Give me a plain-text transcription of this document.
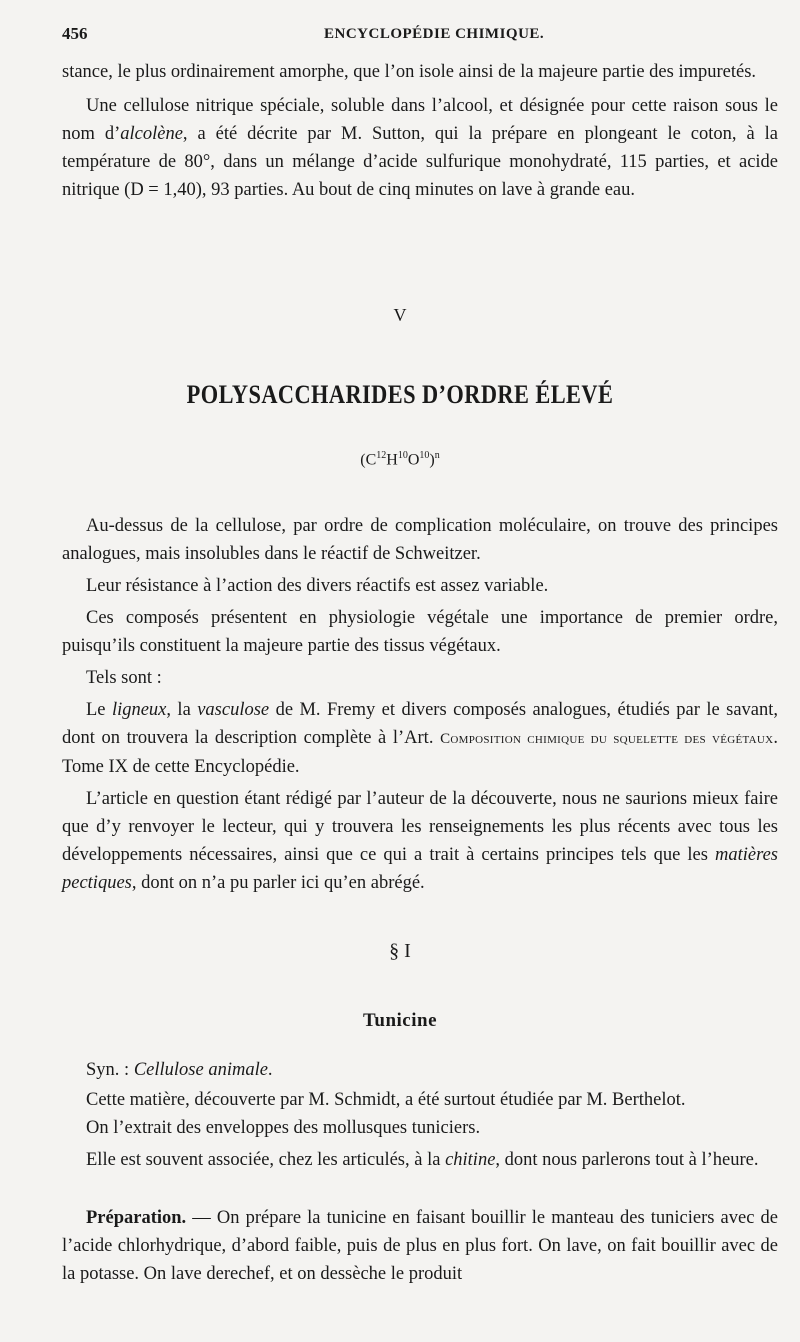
456	ENCYCLOPÉDIE CHIMIQUE.

stance, le plus ordinairement amorphe, que l’on isole ainsi de la majeure partie des impuretés.

Une cellulose nitrique spéciale, soluble dans l’alcool, et désignée pour cette raison sous le nom d’alcolène, a été décrite par M. Sutton, qui la prépare en plongeant le coton, à la température de 80°, dans un mélange d’acide sulfurique monohydraté, 115 parties, et acide nitrique (D = 1,40), 93 parties. Au bout de cinq minutes on lave à grande eau.

V
POLYSACCHARIDES D’ORDRE ÉLEVÉ
$(C^{12}H^{10}O^{10})^n$

Au-dessus de la cellulose, par ordre de complication moléculaire, on trouve des principes analogues, mais insolubles dans le réactif de Schweitzer.

Leur résistance à l’action des divers réactifs est assez variable.

Ces composés présentent en physiologie végétale une importance de premier ordre, puisqu’ils constituent la majeure partie des tissus végétaux.

Tels sont :

Le ligneux, la vasculose de M. Fremy et divers composés analogues, étudiés par le savant, dont on trouvera la description complète à l’Art. Composition chimique du squelette des végétaux. Tome IX de cette Encyclopédie.

L’article en question étant rédigé par l’auteur de la découverte, nous ne saurions mieux faire que d’y renvoyer le lecteur, qui y trouvera les renseignements les plus récents avec tous les développements nécessaires, ainsi que ce qui a trait à certains principes tels que les matières pectiques, dont on n’a pu parler ici qu’en abrégé.

§ I
Tunicine

Syn. : Cellulose animale.

Cette matière, découverte par M. Schmidt, a été surtout étudiée par M. Berthelot.

On l’extrait des enveloppes des mollusques tuniciers.

Elle est souvent associée, chez les articulés, à la chitine, dont nous parlerons tout à l’heure.

Préparation. — On prépare la tunicine en faisant bouillir le manteau des tuniciers avec de l’acide chlorhydrique, d’abord faible, puis de plus en plus fort. On lave, on fait bouillir avec de la potasse. On lave derechef, et on dessèche le produit
